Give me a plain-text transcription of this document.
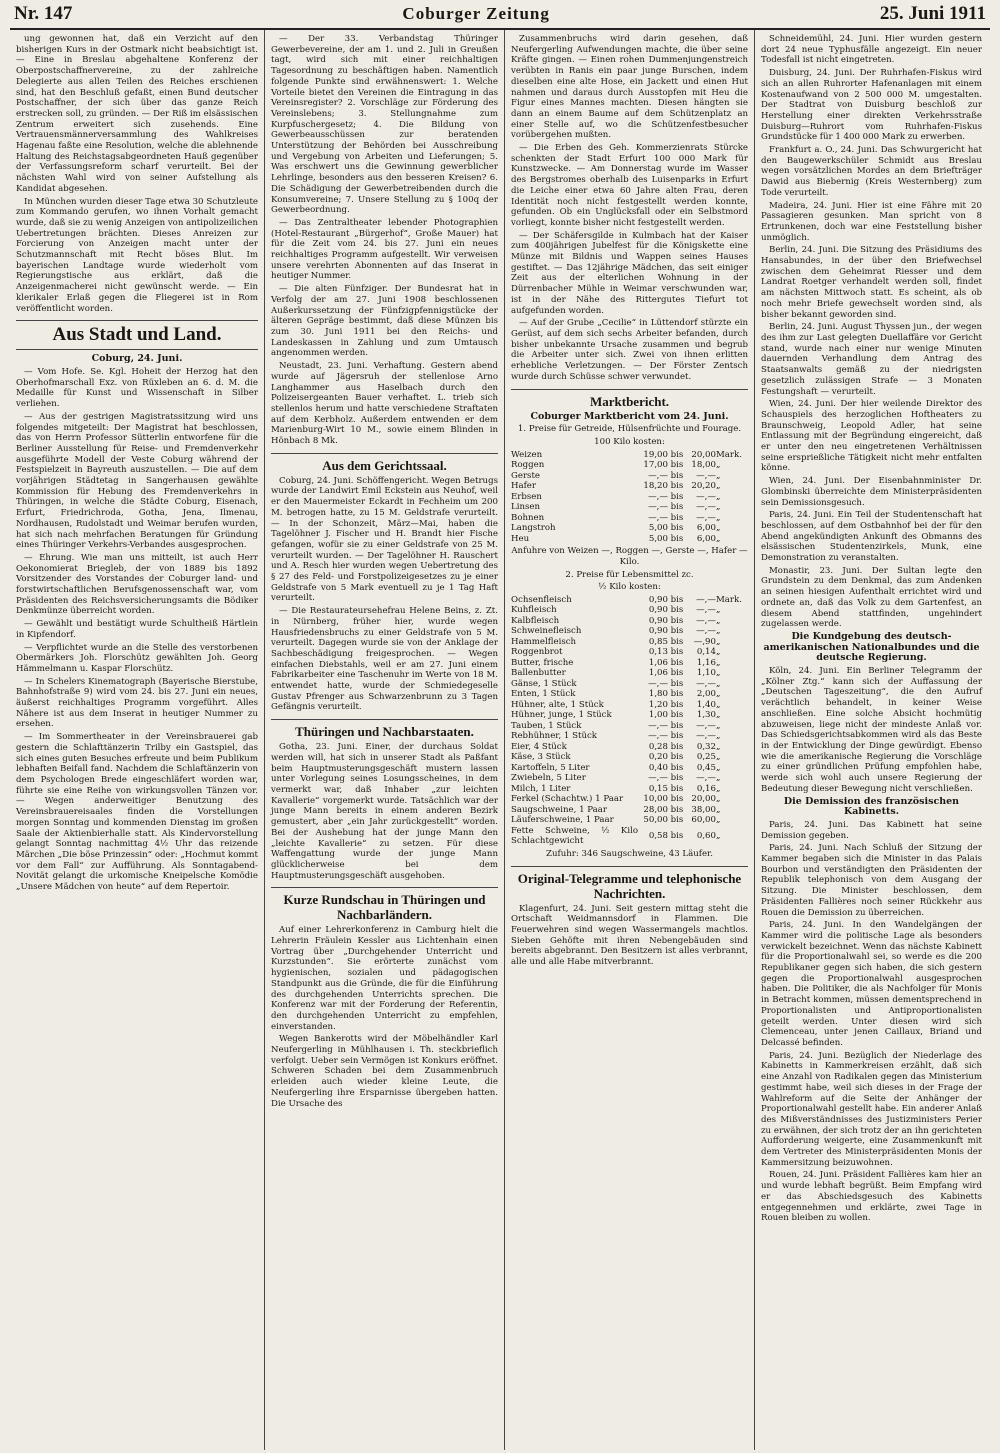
Nr. 147	Coburger Zeitung	25. Juni 1911

ung gewonnen hat, daß ein Verzicht auf den bisherigen Kurs in der Ostmark nicht beabsichtigt ist. — Eine in Breslau abgehaltene Konferenz der Oberpostschaffnervereine, zu der zahlreiche Delegierte aus allen Teilen des Reiches erschienen sind, hat den Beschluß gefaßt, einen Bund deutscher Postschaffner, der sich über das ganze Reich erstrecken soll, zu gründen. — Der Riß im elsässischen Zentrum erweitert sich zusehends. Eine Vertrauensmännerversammlung des Wahlkreises Hagenau faßte eine Resolution, welche die ablehnende Haltung des Reichstagsabgeordneten Hauß gegenüber der Verfassungsreform scharf verurteilt. Bei der nächsten Wahl wird von seiner Aufstellung als Kandidat abgesehen.

In München wurden dieser Tage etwa 30 Schutzleute zum Kommando gerufen, wo ihnen Vorhalt gemacht wurde, daß sie zu wenig Anzeigen von antipolizeilichen Uebertretungen brächten. Dieses Anreizen zur Forcierung von Anzeigen macht unter der Schutzmannschaft mit Recht böses Blut. Im bayerischen Landtage wurde wiederholt vom Regierungstische aus erklärt, daß die Anzeigenmacherei nicht gewünscht werde. — Ein klerikaler Erlaß gegen die Fliegerei ist in Rom veröffentlicht worden.

Aus Stadt und Land.
Coburg, 24. Juni.

— Vom Hofe. Se. Kgl. Hoheit der Herzog hat den Oberhofmarschall Exz. von Rüxleben an 6. d. M. die Medaille für Kunst und Wissenschaft in Silber verliehen.

— Aus der gestrigen Magistratssitzung wird uns folgendes mitgeteilt: Der Magistrat hat beschlossen, das von Herrn Professor Sütterlin entworfene für die Berliner Ausstellung für Reise- und Fremdenverkehr ausgeführte Modell der Veste Coburg während der Festspielzeit in Bayreuth auszustellen. — Die auf dem vorjährigen Städtetag in Sangerhausen gewählte Kommission für Hebung des Fremdenverkehrs in Thüringen, in welche die Städte Coburg, Eisenach, Erfurt, Friedrichroda, Gotha, Jena, Ilmenau, Nordhausen, Rudolstadt und Weimar berufen wurden, hat sich nach mehrfachen Beratungen für Gründung eines Thüringer Verkehrs-Verbandes ausgesprochen.

— Ehrung. Wie man uns mitteilt, ist auch Herr Oekonomierat Briegleb, der von 1889 bis 1892 Vorsitzender des Vorstandes der Coburger land- und forstwirtschaftlichen Berufsgenossenschaft war, vom Präsidenten des Reichsversicherungsamts die Bödiker Denkmünze überreicht worden.

— Gewählt und bestätigt wurde Schultheiß Härtlein in Kipfendorf.

— Verpflichtet wurde an die Stelle des verstorbenen Obermärkers Joh. Florschütz gewählten Joh. Georg Hämmelmann u. Kaspar Florschütz.

— In Schelers Kinematograph (Bayerische Bierstube, Bahnhofstraße 9) wird vom 24. bis 27. Juni ein neues, äußerst reichhaltiges Programm vorgeführt. Alles Nähere ist aus dem Inserat in heutiger Nummer zu ersehen.

— Im Sommertheater in der Vereinsbrauerei gab gestern die Schlafttänzerin Trilby ein Gastspiel, das sich eines guten Besuches erfreute und beim Publikum lebhaften Beifall fand. Nachdem die Schlaftänzerin von dem Psychologen Brede eingeschläfert worden war, führte sie eine Reihe von wirkungsvollen Tänzen vor. — Wegen anderweitiger Benutzung des Vereinsbrauereisaales finden die Vorstellungen morgen Sonntag und kommenden Dienstag im großen Saale der Aktienbierhalle statt. Als Kindervorstellung gelangt Sonntag nachmittag 4½ Uhr das reizende Märchen „Die böse Prinzessin“ oder: „Hochmut kommt vor dem Fall“ zur Aufführung. Als Sonntagabend-Novität gelangt die urkomische Kneipelsche Komödie „Unsere Mädchen von heute“ auf dem Repertoir.

— Der 33. Verbandstag Thüringer Gewerbevereine, der am 1. und 2. Juli in Greußen tagt, wird sich mit einer reichhaltigen Tagesordnung zu beschäftigen haben. Namentlich folgende Punkte sind erwähnenswert: 1. Welche Vorteile bietet den Vereinen die Eintragung in das Vereinsregister? 2. Vorschläge zur Förderung des Vereinslebens; 3. Stellungnahme zum Kurpfuschergesetz; 4. Die Bildung von Gewerbeausschüssen zur beratenden Unterstützung der Behörden bei Ausschreibung und Vergebung von Arbeiten und Lieferungen; 5. Was erschwert uns die Gewinnung gewerblicher Lehrlinge, besonders aus den besseren Kreisen? 6. Die Schädigung der Gewerbetreibenden durch die Konsumvereine; 7. Unsere Stellung zu § 100q der Gewerbeordnung.

— Das Zentraltheater lebender Photographien (Hotel-Restaurant „Bürgerhof“, Große Mauer) hat für die Zeit vom 24. bis 27. Juni ein neues reichhaltiges Programm aufgestellt. Wir verweisen unsere verehrten Abonnenten auf das Inserat in heutiger Nummer.

— Die alten Fünfziger. Der Bundesrat hat in Verfolg der am 27. Juni 1908 beschlossenen Außerkurssetzung der Fünfzigpfennigstücke der älteren Gepräge bestimmt, daß diese Münzen bis zum 30. Juni 1911 bei den Reichs- und Landeskassen in Zahlung und zum Umtausch angenommen werden.

Neustadt, 23. Juni. Verhaftung. Gestern abend wurde auf Jägersruh der stellenlose Arno Langhammer aus Haselbach durch den Polizeisergeanten Bauer verhaftet. L. trieb sich stellenlos herum und hatte verschiedene Straftaten auf dem Kerbholz. Außerdem entwenden er dem Marienburg-Wirt 10 M., sowie einem Blinden in Hönbach 8 Mk.

Aus dem Gerichtssaal.

Coburg, 24. Juni. Schöffengericht. Wegen Betrugs wurde der Landwirt Emil Eckstein aus Neuhof, weil er den Mauermeister Eckardt in Fechheim um 200 M. betrogen hatte, zu 15 M. Geldstrafe verurteilt. — In der Schonzeit, März—Mai, haben die Tagelöhner J. Fischer und H. Brandt hier Fische gefangen, wofür sie zu einer Geldstrafe von 25 M. verurteilt wurden. — Der Tagelöhner H. Rauschert und A. Resch hier wurden wegen Uebertretung des § 27 des Feld- und Forstpolizeigesetzes zu je einer Geldstrafe von 5 Mark eventuell zu je 1 Tag Haft verurteilt.

— Die Restaurateursehefrau Helene Beins, z. Zt. in Nürnberg, früher hier, wurde wegen Hausfriedensbruchs zu einer Geldstrafe von 5 M. verurteilt. Dagegen wurde sie von der Anklage der Sachbeschädigung freigesprochen. — Wegen einfachen Diebstahls, weil er am 27. Juni einem Fabrikarbeiter eine Taschenuhr im Werte von 18 M. entwendet hatte, wurde der Schmiedegeselle Gustav Pfrenger aus Schwarzenbrunn zu 3 Tagen Gefängnis verurteilt.

Thüringen und Nachbarstaaten.

Gotha, 23. Juni. Einer, der durchaus Soldat werden will, hat sich in unserer Stadt als Paßfant beim Hauptmusterungsgeschäft mustern lassen unter Vorlegung seines Losungsscheines, in dem vermerkt war, daß Inhaber „zur leichten Kavallerie“ vorgemerkt wurde. Tatsächlich war der junge Mann bereits in einem anderen Bezirk gemustert, aber „ein Jahr zurückgestellt“ worden. Bei der Aushebung hat der junge Mann den „leichte Kavallerie“ zu setzen. Für diese Waffengattung wurde der junge Mann glücklicherweise bei dem Hauptmusterungsgeschäft ausgehoben.

Kurze Rundschau in Thüringen und Nachbarländern.

Auf einer Lehrerkonferenz in Camburg hielt die Lehrerin Fräulein Kessler aus Lichtenhain einen Vortrag über „Durchgehender Unterricht und Kurzstunden“. Sie erörterte zunächst vom hygienischen, sozialen und pädagogischen Standpunkt aus die Gründe, die für die Einführung des durchgehenden Unterrichts sprechen. Die Konferenz war mit der Forderung der Referentin, den durchgehenden Unterricht zu empfehlen, einverstanden.

Wegen Bankerotts wird der Möbelhändler Karl Neufergerling in Mühlhausen i. Th. steckbrieflich verfolgt. Ueber sein Vermögen ist Konkurs eröffnet. Schweren Schaden bei dem Zusammenbruch erleiden auch wieder kleine Leute, die Neufergerling ihre Ersparnisse übergeben hatten. Die Ursache des

Zusammenbruchs wird darin gesehen, daß Neufergerling Aufwendungen machte, die über seine Kräfte gingen. — Einen rohen Dummenjungenstreich verübten in Ranis ein paar junge Burschen, indem dieselben eine alte Hose, ein Jackett und einen Hut nahmen und daraus durch Ausstopfen mit Heu die Figur eines Mannes machten. Diesen hängten sie dann an einem Baume auf dem Schützenplatz an einer Stelle auf, wo die Schützenfestbesucher vorübergehen mußten.

— Die Erben des Geh. Kommerzienrats Stürcke schenkten der Stadt Erfurt 100 000 Mark für Kunstzwecke. — Am Donnerstag wurde im Wasser des Bergstromes oberhalb des Luisenparks in Erfurt die Leiche einer etwa 60 Jahre alten Frau, deren Identität noch nicht festgestellt werden konnte, gefunden. Ob ein Unglücksfall oder ein Selbstmord vorliegt, konnte bisher nicht festgestellt werden.

— Der Schäfersgilde in Kulmbach hat der Kaiser zum 400jährigen Jubelfest für die Königskette eine Münze mit Bildnis und Wappen seines Hauses gestiftet. — Das 12jährige Mädchen, das seit einiger Zeit aus der elterlichen Wohnung in der Dürrenbacher Mühle in Weimar verschwunden war, ist in der Nähe des Rittergutes Tiefurt tot aufgefunden worden.

— Auf der Grube „Cecilie“ in Lüttendorf stürzte ein Gerüst, auf dem sich sechs Arbeiter befanden, durch bisher unbekannte Ursache zusammen und begrub die Arbeiter unter sich. Zwei von ihnen erlitten erhebliche Verletzungen. — Der Förster Zentsch wurde durch Schüsse schwer verwundet.

Marktbericht.
Coburger Marktbericht vom 24. Juni.
1. Preise für Getreide, Hülsenfrüchte und Fourage.
100 Kilo kosten:
Weizen	19,00	bis	20,00	Mark.
Roggen	17,00	bis	18,00	„
Gerste	—,—	bis	—,—	„
Hafer	18,20	bis	20,20	„
Erbsen	—,—	bis	—,—	„
Linsen	—,—	bis	—,—	„
Bohnen	—,—	bis	—,—	„
Langstroh	5,00	bis	6,00	„
Heu	5,00	bis	6,00	„
Anfuhre von Weizen —, Roggen —, Gerste —, Hafer — Kilo.
2. Preise für Lebensmittel zc.
½ Kilo kosten:
Ochsenfleisch	0,90	bis	—,—	Mark.
Kuhfleisch	0,90	bis	—,—	„
Kalbfleisch	0,90	bis	—,—	„
Schweinefleisch	0,90	bis	—,—	„
Hammelfleisch	0,85	bis	—,90	„
Roggenbrot	0,13	bis	0,14	„
Butter, frische	1,06	bis	1,16	„
Ballenbutter	1,06	bis	1,10	„
Gänse, 1 Stück	—,—	bis	—,—	„
Enten, 1 Stück	1,80	bis	2,00	„
Hühner, alte, 1 Stück	1,20	bis	1,40	„
Hühner, junge, 1 Stück	1,00	bis	1,30	„
Tauben, 1 Stück	—,—	bis	—,—	„
Rebhühner, 1 Stück	—,—	bis	—,—	„
Eier, 4 Stück	0,28	bis	0,32	„
Käse, 3 Stück	0,20	bis	0,25	„
Kartoffeln, 5 Liter	0,40	bis	0,45	„
Zwiebeln, 5 Liter	—,—	bis	—,—	„
Milch, 1 Liter	0,15	bis	0,16	„
Ferkel (Schachtw.) 1 Paar	10,00	bis	20,00	„
Saugschweine, 1 Paar	28,00	bis	38,00	„
Läuferschweine, 1 Paar	50,00	bis	60,00	„
Fette Schweine, ½ Kilo Schlachtgewicht	0,58	bis	0,60	„
Zufuhr: 346 Saugschweine, 43 Läufer.
Original-Telegramme und telephonische Nachrichten.

Klagenfurt, 24. Juni. Seit gestern mittag steht die Ortschaft Weidmannsdorf in Flammen. Die Feuerwehren sind wegen Wassermangels machtlos. Sieben Gehöfte mit ihren Nebengebäuden sind bereits abgebrannt. Den Besitzern ist alles verbrannt, alle und alle Habe mitverbrannt.

Schneidemühl, 24. Juni. Hier wurden gestern dort 24 neue Typhusfälle angezeigt. Ein neuer Todesfall ist nicht eingetreten.

Duisburg, 24. Juni. Der Ruhrhafen-Fiskus wird sich an allen Ruhrorter Hafenanlagen mit einem Kostenaufwand von 2 500 000 M. umgestalten. Der Stadtrat von Duisburg beschloß zur Herstellung einer direkten Verkehrsstraße Duisburg—Ruhrort vom Ruhrhafen-Fiskus Grundstücke für 1 400 000 Mark zu erwerben.

Frankfurt a. O., 24. Juni. Das Schwurgericht hat den Baugewerkschüler Schmidt aus Breslau wegen vorsätzlichen Mordes an dem Briefträger Dawid aus Biebernig (Kreis Westernberg) zum Tode verurteilt.

Madeira, 24. Juni. Hier ist eine Fähre mit 20 Passagieren gesunken. Man spricht von 8 Ertrunkenen, doch war eine Feststellung bisher unmöglich.

Berlin, 24. Juni. Die Sitzung des Präsidiums des Hansabundes, in der über den Briefwechsel zwischen dem Geheimrat Riesser und dem Landrat Roetger verhandelt werden soll, findet am nächsten Mittwoch statt. Es scheint, als ob noch mehr Briefe gewechselt worden sind, als bisher bekannt geworden sind.

Berlin, 24. Juni. August Thyssen jun., der wegen des ihm zur Last gelegten Duellaffäre vor Gericht stand, wurde nach einer nur wenige Minuten dauernden Verhandlung dem Antrag des Staatsanwalts gemäß zu der niedrigsten gesetzlich zulässigen Strafe — 3 Monaten Festungshaft — verurteilt.

Wien, 24. Juni. Der hier weilende Direktor des Schauspiels des herzoglichen Hoftheaters zu Braunschweig, Leopold Adler, hat seine Entlassung mit der Begründung eingereicht, daß er unter den neu eingetretenen Verhältnissen seine ersprießliche Tätigkeit nicht mehr entfalten könne.

Wien, 24. Juni. Der Eisenbahnminister Dr. Glombinski überreichte dem Ministerpräsidenten sein Demissionsgesuch.

Paris, 24. Juni. Ein Teil der Studentenschaft hat beschlossen, auf dem Ostbahnhof bei der für den Abend angekündigten Ankunft des Obmanns des elsässischen Studentenzirkels, Munk, eine Demonstration zu veranstalten.

Monastir, 23. Juni. Der Sultan legte den Grundstein zu dem Denkmal, das zum Andenken an seinen hiesigen Aufenthalt errichtet wird und ordnete an, daß das Volk zu dem Gartenfest, an diesem Abend stattfinden, ungehindert zugelassen werde.

Die Kundgebung des deutsch-amerikanischen Nationalbundes und die deutsche Regierung.

Köln, 24. Juni. Ein Berliner Telegramm der „Kölner Ztg.“ kann sich der Auffassung der „Deutschen Tageszeitung“, die den Aufruf verächtlich behandelt, in keiner Weise anschließen. Eine solche Absicht hochmütig abzuweisen, liege nicht der mindeste Anlaß vor. Das Schiedsgerichtsabkommen wird als das Beste in der Entwicklung der Dinge gewürdigt. Ebenso wie die amerikanische Regierung die Vorschläge zu einer gründlichen Prüfung empfohlen habe, werde sich wohl auch unsere Regierung der Bedeutung dieser Bewegung nicht verschließen.

Die Demission des französischen Kabinetts.

Paris, 24. Juni. Das Kabinett hat seine Demission gegeben.

Paris, 24. Juni. Nach Schluß der Sitzung der Kammer begaben sich die Minister in das Palais Bourbon und verständigten den Präsidenten der Republik telephonisch von dem Ausgang der Sitzung. Die Minister beschlossen, dem Präsidenten Fallières noch seiner Rückkehr aus Rouen die Demission zu überreichen.

Paris, 24. Juni. In den Wandelgängen der Kammer wird die politische Lage als besonders verwickelt bezeichnet. Wenn das nächste Kabinett für die Proportionalwahl sei, so werde es die 200 Republikaner gegen sich haben, die sich gestern gegen die Proportionalwahl ausgesprochen haben. Die Politiker, die als Nachfolger für Monis in Betracht kommen, müssen dementsprechend in Proportionalisten und Antiproportionalisten geteilt werden. Unter diesen wird sich Clemenceau, unter jenen Caillaux, Briand und Delcassé befinden.

Paris, 24. Juni. Bezüglich der Niederlage des Kabinetts in Kammerkreisen erzählt, daß sich eine Anzahl von Radikalen gegen das Ministerium gestimmt habe, weil sich dieses in der Frage der Wahlreform auf die Seite der Anhänger der Proportionalwahl gestellt habe. Ein anderer Anlaß des Mißverständnisses des Justizministers Perier zu erwähnen, der sich trotz der an ihn gerichteten Aufforderung weigerte, eine Zusammenkunft mit dem Vertreter des Ministerpräsidenten Monis der Kammersitzung beizuwohnen.

Rouen, 24. Juni. Präsident Fallières kam hier an und wurde lebhaft begrüßt. Beim Empfang wird er das Abschiedsgesuch des Kabinetts entgegennehmen und erklärte, zwei Tage in Rouen bleiben zu wollen.
